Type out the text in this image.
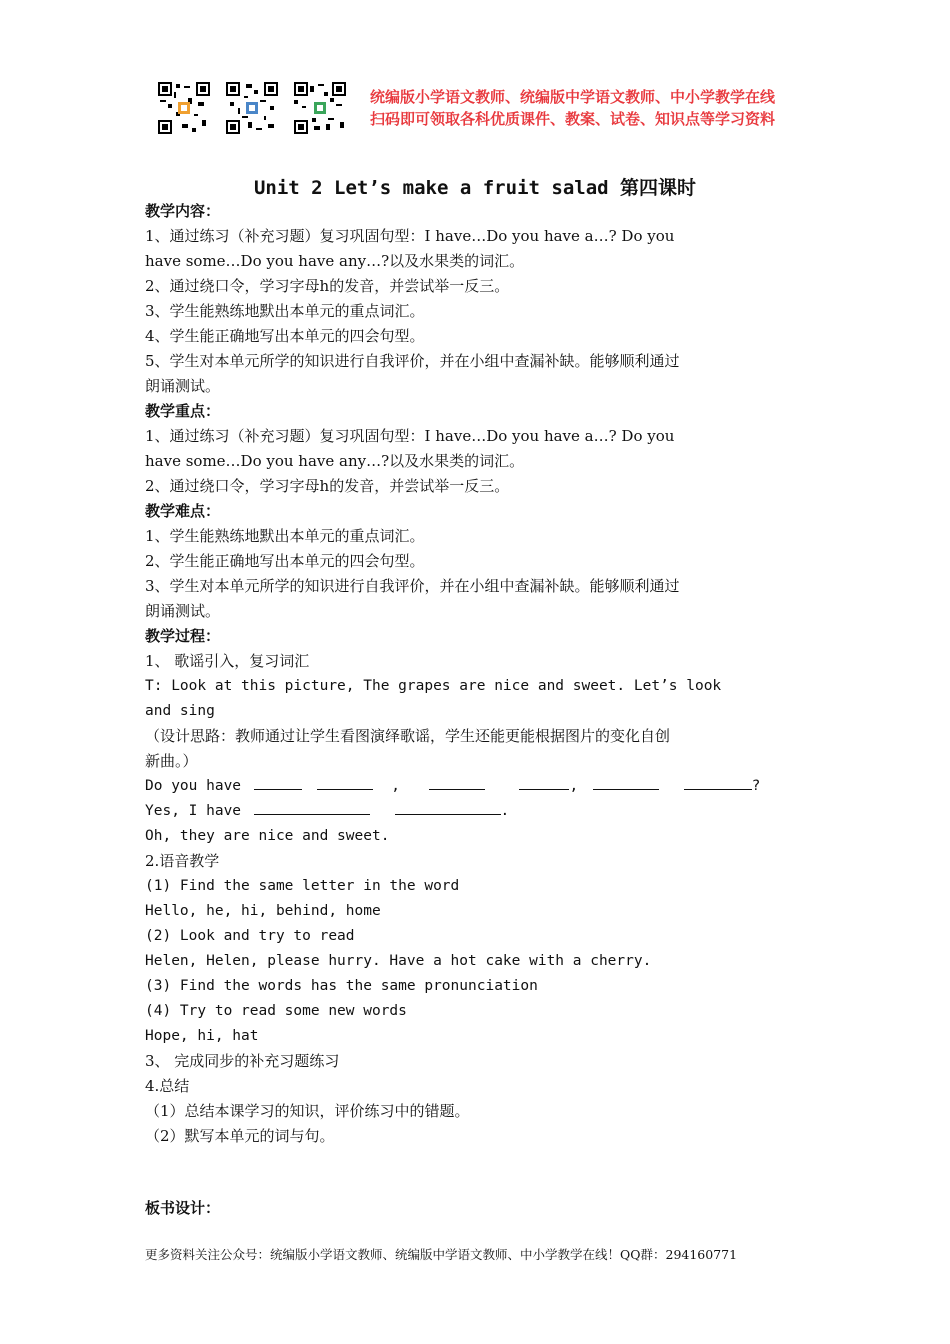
统编版小学语文教师、统编版中学语文教师、中小学教学在线
扫码即可领取各科优质课件、教案、试卷、知识点等学习资料
Unit 2 Let’s make a fruit salad 第四课时
教学内容：
1、通过练习（补充习题）复习巩固句型：I have…Do you have a…? Do you
have some…Do you have any…?以及水果类的词汇。
2、通过绕口令，学习字母h的发音，并尝试举一反三。
3、学生能熟练地默出本单元的重点词汇。
4、学生能正确地写出本单元的四会句型。
5、学生对本单元所学的知识进行自我评价，并在小组中查漏补缺。能够顺利通过
朗诵测试。
教学重点：
1、通过练习（补充习题）复习巩固句型：I have…Do you have a…? Do you
have some…Do you have any…?以及水果类的词汇。
2、通过绕口令，学习字母h的发音，并尝试举一反三。
教学难点：
1、学生能熟练地默出本单元的重点词汇。
2、学生能正确地写出本单元的四会句型。
3、学生对本单元所学的知识进行自我评价，并在小组中查漏补缺。能够顺利通过
朗诵测试。
教学过程：
1、 歌谣引入，复习词汇
T: Look at this picture, The grapes are nice and sweet. Let’s look
and sing
（设计思路：教师通过让学生看图演绎歌谣，学生还能更能根据图片的变化自创
新曲。）
Do you have	,	,	?
Yes, I have	.
Oh, they are nice and sweet.
2.语音教学
(1) Find the same letter in the word
Hello, he, hi, behind, home
(2) Look and try to read
Helen, Helen, please hurry. Have a hot cake with a cherry.
(3) Find the words has the same pronunciation
(4) Try to read some new words
Hope, hi, hat
3、 完成同步的补充习题练习
4.总结
（1）总结本课学习的知识，评价练习中的错题。
（2）默写本单元的词与句。
板书设计：
更多资料关注公众号：统编版小学语文教师、统编版中学语文教师、中小学教学在线！QQ群：294160771
